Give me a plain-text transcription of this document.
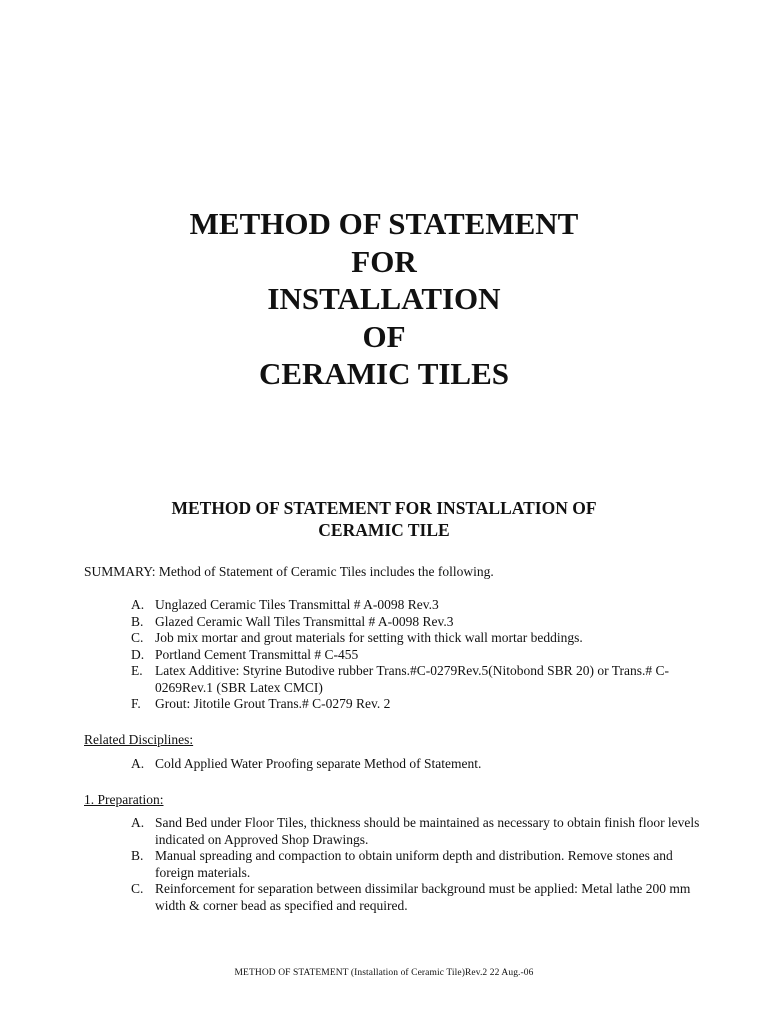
METHOD OF STATEMENT
FOR
INSTALLATION
OF
CERAMIC TILES
METHOD OF STATEMENT FOR INSTALLATION OF
CERAMIC TILE
SUMMARY: Method of Statement of Ceramic Tiles includes the following.
A. Unglazed Ceramic Tiles Transmittal # A-0098 Rev.3
B. Glazed Ceramic Wall Tiles Transmittal # A-0098 Rev.3
C. Job mix mortar and grout materials for setting with thick wall mortar beddings.
D. Portland Cement Transmittal # C-455
E. Latex Additive: Styrine Butodive rubber Trans.#C-0279Rev.5(Nitobond SBR 20) or Trans.# C-0269Rev.1 (SBR Latex CMCI)
F.	Grout: Jitotile Grout Trans.# C-0279 Rev. 2
Related Disciplines:
A. Cold Applied Water Proofing separate Method of Statement.
1. Preparation:
A. Sand Bed under Floor Tiles, thickness should be maintained as necessary to obtain finish floor levels indicated on Approved Shop Drawings.
B. Manual spreading and compaction to obtain uniform depth and distribution. Remove stones and foreign materials.
C. Reinforcement for separation between dissimilar background must be applied: Metal lathe 200 mm width & corner bead as specified and required.
METHOD OF STATEMENT (Installation of Ceramic Tile)Rev.2 22 Aug.-06
